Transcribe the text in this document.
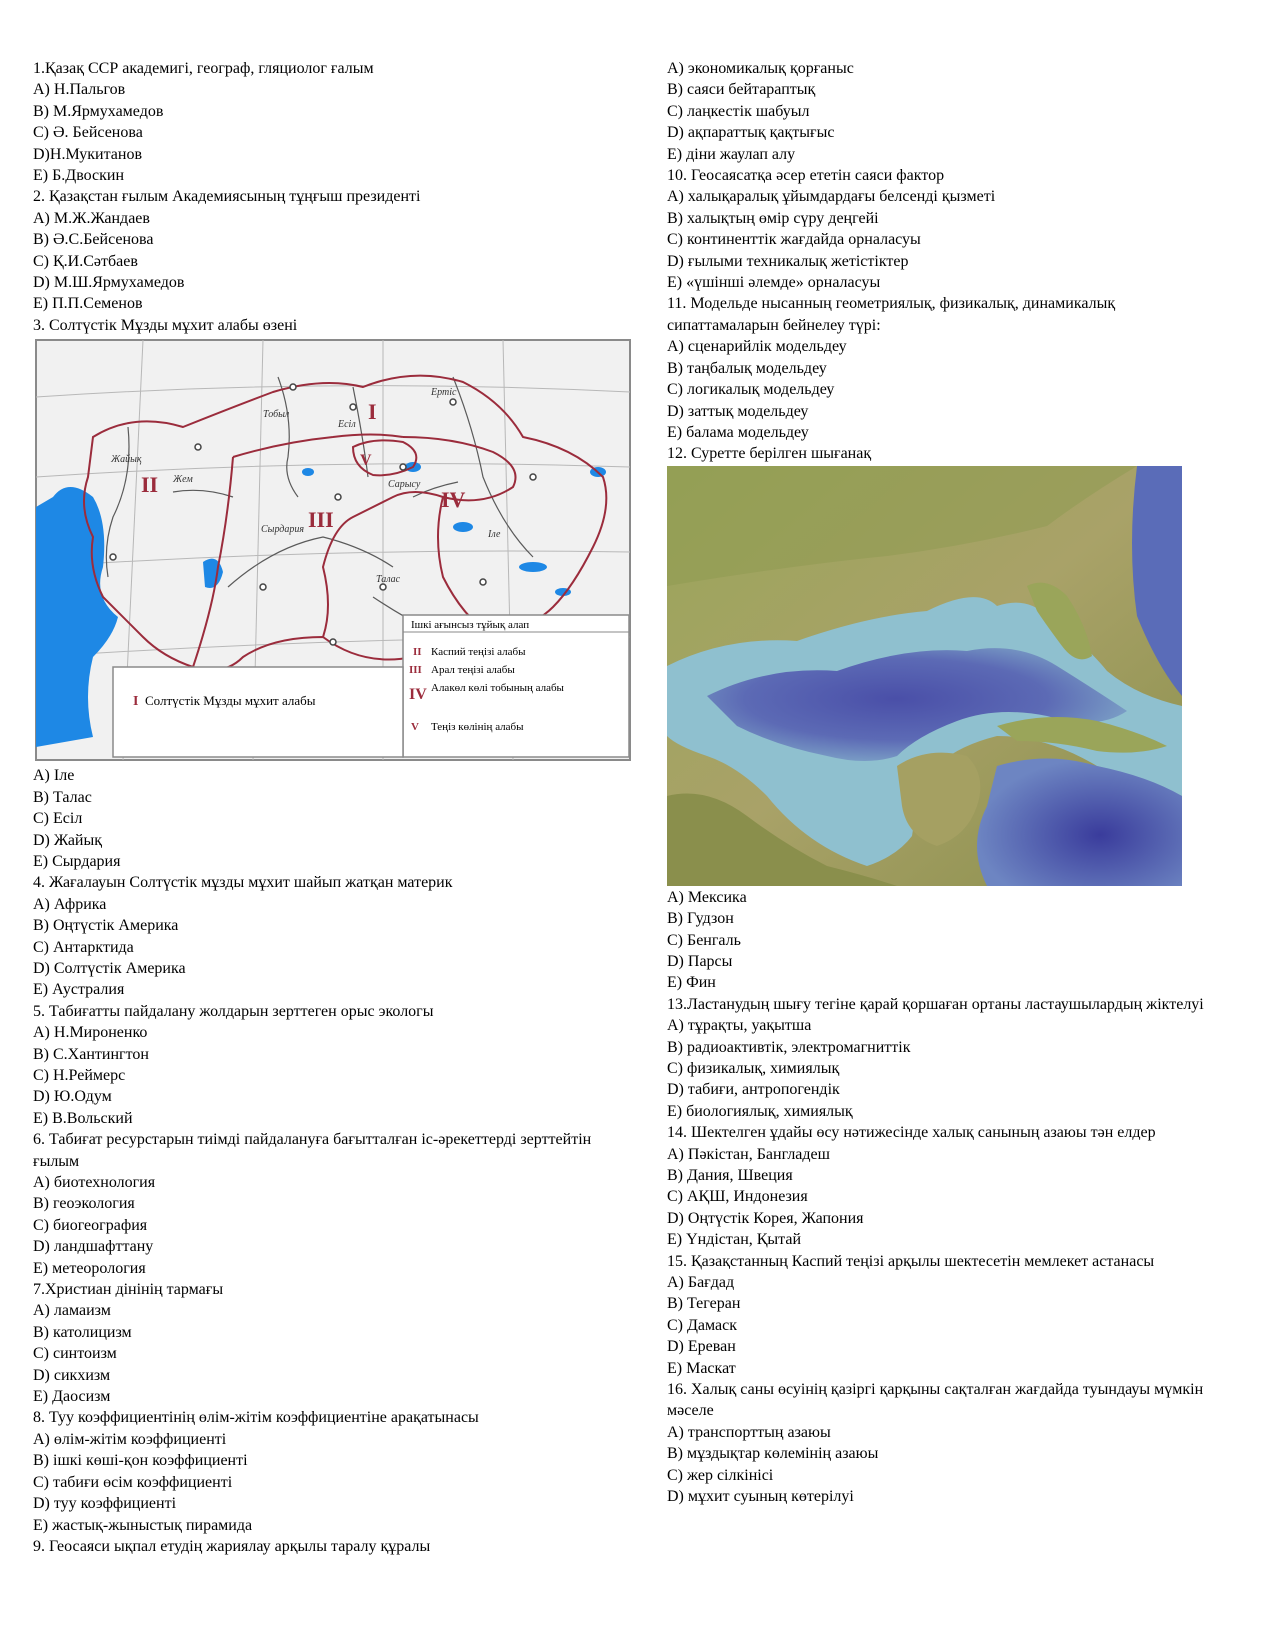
1.Қазақ ССР академигі, географ, гляциолог ғалым
A) Н.Пальгов
B) М.Ярмухамедов
C) Ә. Бейсенова
D)Н.Мукитанов
E) Б.Двоскин
2. Қазақстан ғылым Академиясының тұңғыш президенті
A) М.Ж.Жандаев
B) Ә.С.Бейсенова
C) Қ.И.Сәтбаев
D) М.Ш.Ярмухамедов
E) П.П.Семенов
3. Солтүстік Мұзды мұхит алабы өзені
I
II
III
IV
V
Тобыл
Есіл
Ертіс
Жайық
Жем	Сарысу
Сырдария
Талас
Іле
Ішкі ағынсыз тұйық алап
II Каспий теңізі алабы
III Арал теңізі алабы
IV Алакөл көлі тобының алабы
V Теңіз көлінің алабы
I Солтүстік Мұзды мұхит алабы
A) Іле
B) Талас
C) Есіл
D) Жайық
E) Сырдария
4. Жағалауын Солтүстік мұзды мұхит шайып жатқан материк
A) Африка
B) Оңтүстік Америка
C) Антарктида
D) Солтүстік Америка
E) Аустралия
5. Табиғатты пайдалану жолдарын зерттеген орыс экологы
A) Н.Мироненко
B) С.Хантингтон
C) Н.Реймерс
D) Ю.Одум
E) В.Вольский
6. Табиғат ресурстарын тиімді пайдалануға бағытталған іс-әрекеттерді зерттейтін ғылым
A) биотехнология
B) геоэкология
C) биогеография
D) ландшафттану
E) метеорология
7.Христиан дінінің тармағы
A) ламаизм
B) католицизм
C) синтоизм
D) сикхизм
E) Даосизм
8. Туу коэффициентінің өлім-жітім коэффициентіне арақатынасы
A) өлім-жітім коэффициенті
B) ішкі көші-қон коэффициенті
C) табиғи өсім коэффициенті
D) туу коэффициенті
E) жастық-жыныстық пирамида
9. Геосаяси ықпал етудің жариялау арқылы таралу құралы
A) экономикалық қорғаныс
B) саяси бейтараптық
C) лаңкестік шабуыл
D) ақпараттық қақтығыс
E) діни жаулап алу
10. Геосаясатқа әсер ететін саяси фактор
A) халықаралық ұйымдардағы белсенді қызметі
B) халықтың өмір сүру деңгейі
C) континенттік жағдайда орналасуы
D) ғылыми техникалық жетістіктер
E) «үшінші әлемде» орналасуы
11. Модельде нысанның геометриялық, физикалық, динамикалық сипаттамаларын бейнелеу түрі:
A) сценарийлік модельдеу
B) таңбалық модельдеу
C) логикалық модельдеу
D) заттық модельдеу
E) балама модельдеу
12. Суретте берілген шығанақ
A) Мексика
B) Гудзон
C) Бенгаль
D) Парсы
E) Фин
13.Ластанудың шығу тегіне қарай қоршаған ортаны ластаушылардың жіктелуі
A) тұрақты, уақытша
B) радиоактивтік, электромагниттік
C) физикалық, химиялық
D) табиғи, антропогендік
E) биологиялық, химиялық
14. Шектелген ұдайы өсу нәтижесінде халық санының азаюы тән елдер
A) Пәкістан, Бангладеш
B) Дания, Швеция
C) АҚШ, Индонезия
D) Оңтүстік Корея, Жапония
E) Үндістан, Қытай
15. Қазақстанның Каспий теңізі арқылы шектесетін мемлекет астанасы
A) Бағдад
B) Тегеран
C) Дамаск
D) Ереван
E) Маскат
16. Халық саны өсуінің қазіргі қарқыны сақталған жағдайда туындауы мүмкін мәселе
A) транспорттың азаюы
B) мұздықтар көлемінің азаюы
C) жер сілкінісі
D) мұхит суының көтерілуі
